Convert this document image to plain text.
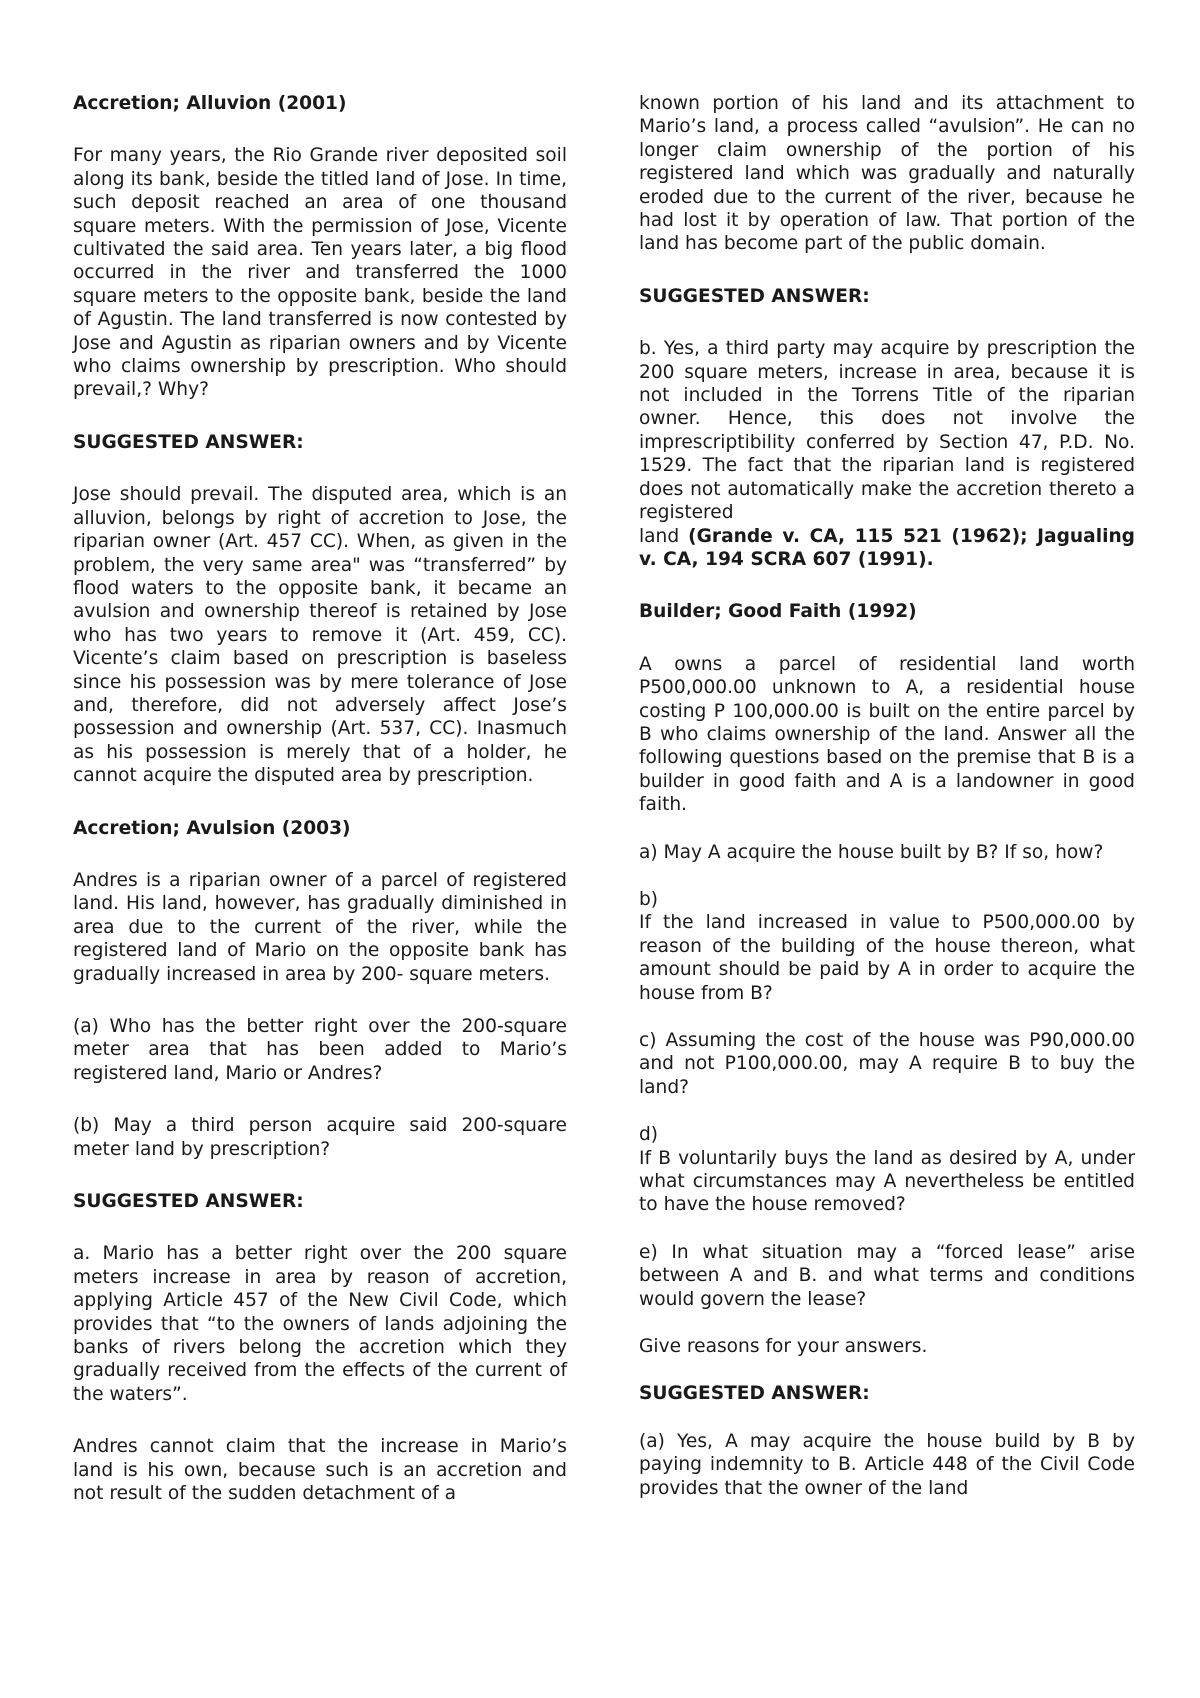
Accretion; Alluvion (2001)

For many years, the Rio Grande river deposited soil along its bank, beside the titled land of Jose. In time, such deposit reached an area of one thousand square meters. With the permission of Jose, Vicente cultivated the said area. Ten years later, a big flood occurred in the river and transferred the 1000 square meters to the opposite bank, beside the land of Agustin. The land transferred is now contested by Jose and Agustin as riparian owners and by Vicente who claims ownership by prescription. Who should prevail,? Why?

SUGGESTED ANSWER:

Jose should prevail. The disputed area, which is an alluvion, belongs by right of accretion to Jose, the riparian owner (Art. 457 CC). When, as given in the problem, the very same area" was “transferred” by flood waters to the opposite bank, it became an avulsion and ownership thereof is retained by Jose who has two years to remove it (Art. 459, CC). Vicente’s claim based on prescription is baseless since his possession was by mere tolerance of Jose and, therefore, did not adversely affect Jose’s possession and ownership (Art. 537, CC). Inasmuch as his possession is merely that of a holder, he cannot acquire the disputed area by prescription.

Accretion; Avulsion (2003)

Andres is a riparian owner of a parcel of registered land. His land, however, has gradually diminished in area due to the current of the river, while the registered land of Mario on the opposite bank has gradually increased in area by 200- square meters.

(a) Who has the better right over the 200-square meter area that has been added to Mario’s registered land, Mario or Andres?

(b) May a third person acquire said 200-square meter land by prescription?

SUGGESTED ANSWER:

a. Mario has a better right over the 200 square meters increase in area by reason of accretion, applying Article 457 of the New Civil Code, which provides that “to the owners of lands adjoining the banks of rivers belong the accretion which they gradually received from the effects of the current of the waters”.

Andres cannot claim that the increase in Mario’s land is his own, because such is an accretion and not result of the sudden detachment of a

known portion of his land and its attachment to Mario’s land, a process called “avulsion”. He can no longer claim ownership of the portion of his registered land which was gradually and naturally eroded due to the current of the river, because he had lost it by operation of law. That portion of the land has become part of the public domain.

SUGGESTED ANSWER:

b. Yes, a third party may acquire by prescription the 200 square meters, increase in area, because it is not included in the Torrens Title of the riparian owner. Hence, this does not involve the imprescriptibility conferred by Section 47, P.D. No. 1529. The fact that the riparian land is registered does not automatically make the accretion thereto a registered

land (Grande v. CA, 115 521 (1962); Jagualing v. CA, 194 SCRA 607 (1991).

Builder; Good Faith (1992)

A owns a parcel of residential land worth P500,000.00 unknown to A, a residential house costing P 100,000.00 is built on the entire parcel by B who claims ownership of the land. Answer all the following questions based on the premise that B is a builder in good faith and A is a landowner in good faith.

a) May A acquire the house built by B? If so, how?

b)

If the land increased in value to P500,000.00 by reason of the building of the house thereon, what amount should be paid by A in order to acquire the house from B?

c) Assuming the cost of the house was P90,000.00 and not P100,000.00, may A require B to buy the land?

d)

If B voluntarily buys the land as desired by A, under what circumstances may A nevertheless be entitled to have the house removed?

e) In what situation may a “forced lease” arise between A and B. and what terms and conditions would govern the lease?

Give reasons for your answers.

SUGGESTED ANSWER:

(a) Yes, A may acquire the house build by B by paying indemnity to B. Article 448 of the Civil Code provides that the owner of the land
